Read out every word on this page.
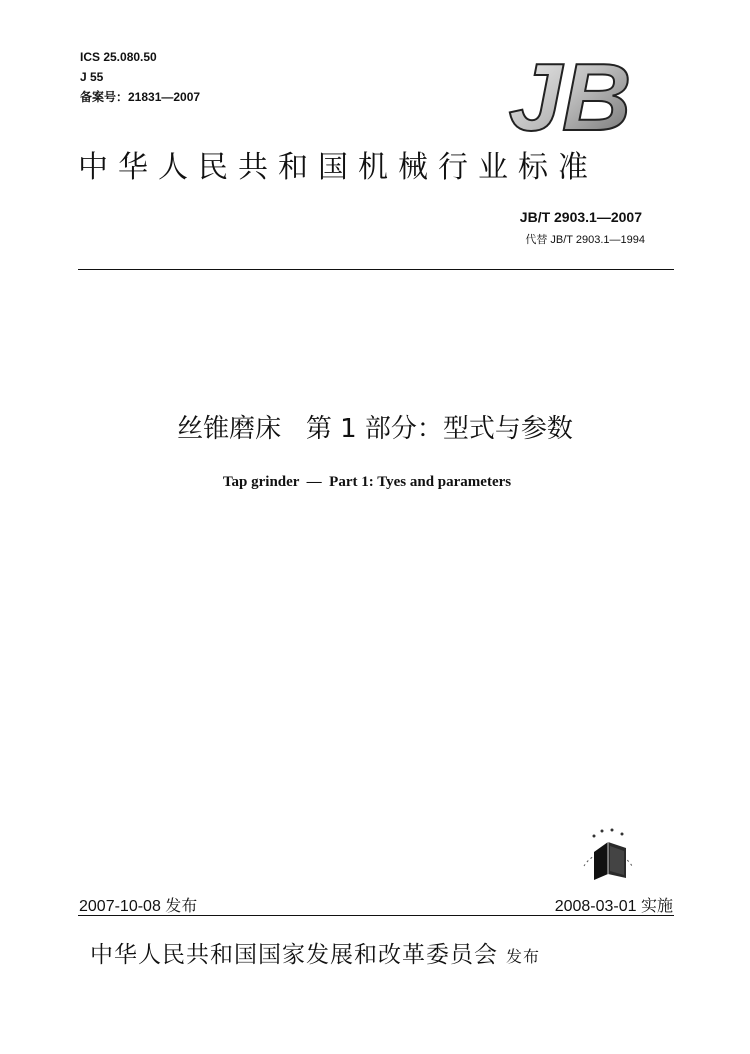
ICS 25.080.50
J 55
备案号：21831—2007	JB
中华人民共和国机械行业标准
JB/T 2903.1—2007
代替 JB/T 2903.1—1994
丝锥磨床   第 1 部分：型式与参数
Tap grinder  —  Part 1: Tyes and parameters
2007-10-08 发布	2008-03-01 实施
中华人民共和国国家发展和改革委员会 发布
